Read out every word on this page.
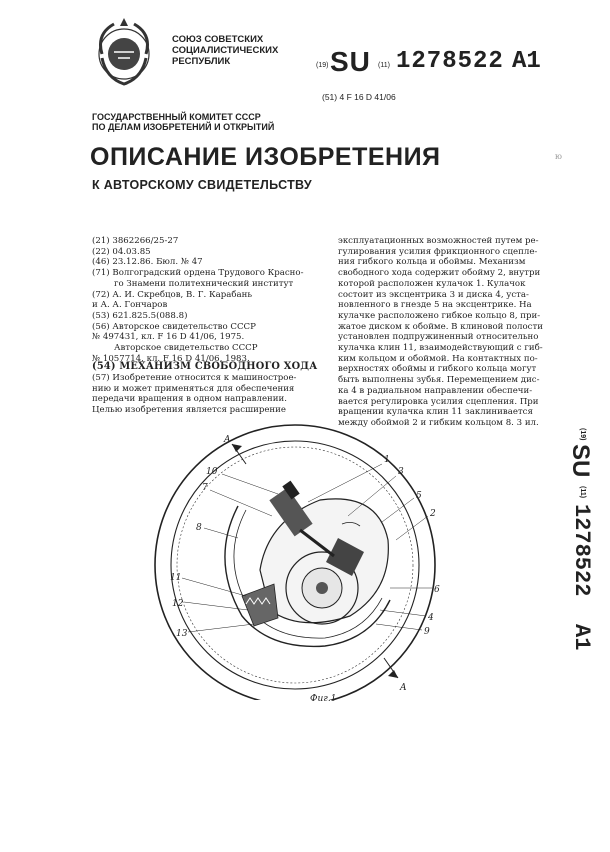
СОЮЗ СОВЕТСКИХ
СОЦИАЛИСТИЧЕСКИХ
РЕСПУБЛИК	(19) SU (11) 1278522 A1
(51) 4 F 16 D 41/06
ГОСУДАРСТВЕННЫЙ КОМИТЕТ СССР
ПО ДЕЛАМ ИЗОБРЕТЕНИЙ И ОТКРЫТИЙ
ОПИСАНИЕ ИЗОБРЕТЕНИЯ
К АВТОРСКОМУ СВИДЕТЕЛЬСТВУ
ю
(21) 3862266/25-27
(22) 04.03.85
(46) 23.12.86. Бюл. № 47
(71) Волгоградский ордена Трудового Красно-
го Знамени политехнический институт
(72) А. И. Скребцов, В. Г. Карабань
и А. А. Гончаров
(53) 621.825.5(088.8)
(56) Авторское свидетельство СССР
№ 497431, кл. F 16 D 41/06, 1975.
Авторское свидетельство СССР
№ 1057714, кл. F 16 D 41/06, 1983.
(54) МЕХАНИЗМ СВОБОДНОГО ХОДА
(57) Изобретение относится к машинострое-
нию и может применяться для обеспечения
передачи вращения в одном направлении.
Целью изобретения является расширение
эксплуатационных возможностей путем ре-
гулирования усилия фрикционного сцепле-
ния гибкого кольца и обоймы. Механизм
свободного хода содержит обойму 2, внутри
которой расположен кулачок 1. Кулачок
состоит из эксцентрика 3 и диска 4, уста-
новленного в гнезде 5 на эксцентрике. На
кулачке расположено гибкое кольцо 8, при-
жатое диском к обойме. В клиновой полости
установлен подпружиненный относительно
кулачка клин 11, взаимодействующий с гиб-
ким кольцом и обоймой. На контактных по-
верхностях обоймы и гибкого кольца могут
быть выполнены зубья. Перемещением дис-
ка 4 в радиальном направлении обеспечи-
вается регулировка усилия сцепления. При
вращении кулачка клин 11 заклинивается
между обоймой 2 и гибким кольцом 8. 3 ил.
(19)
SU
(11)
1278522
A1
1
3
5
2
10
7
8
11
12
13
6
4
9
A
A
Фиг.1
